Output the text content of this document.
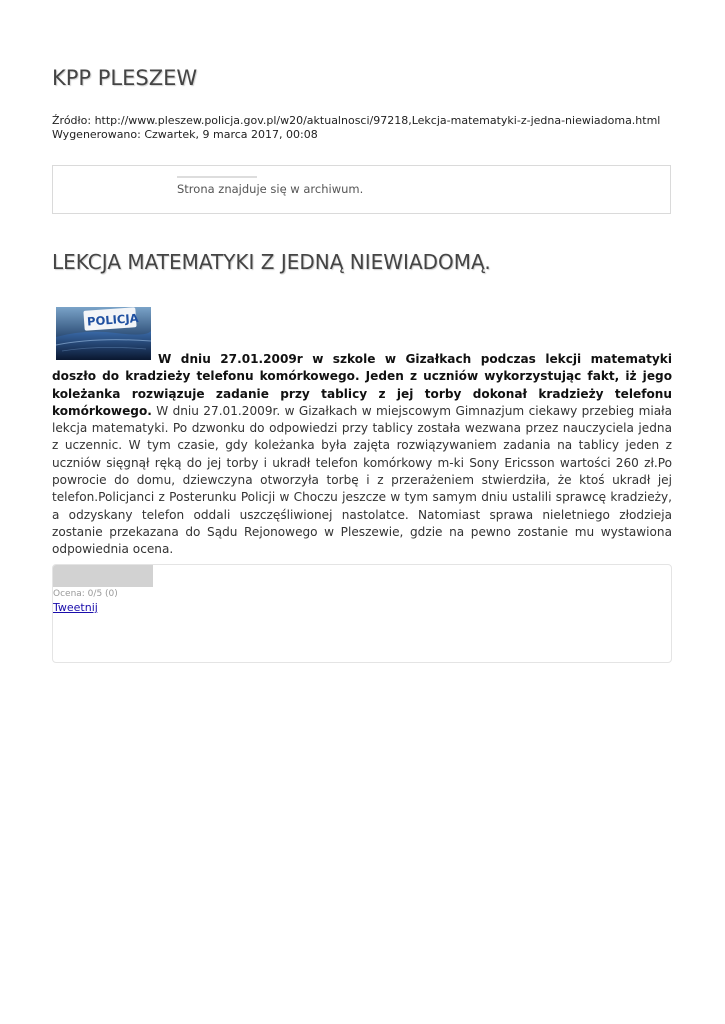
KPP PLESZEW
Źródło: http://www.pleszew.policja.gov.pl/w20/aktualnosci/97218,Lekcja-matematyki-z-jedna-niewiadoma.html
Wygenerowano: Czwartek, 9 marca 2017, 00:08
Strona znajduje się w archiwum.
LEKCJA MATEMATYKI Z JEDNĄ NIEWIADOMĄ.
POLICJA
W dniu 27.01.2009r w szkole w Gizałkach podczas lekcji matematyki doszło do kradzieży telefonu komórkowego. Jeden z uczniów wykorzystując fakt, iż jego koleżanka rozwiązuje zadanie przy tablicy z jej torby dokonał kradzieży telefonu komórkowego. W dniu 27.01.2009r. w Gizałkach w miejscowym Gimnazjum ciekawy przebieg miała lekcja matematyki. Po dzwonku do odpowiedzi przy tablicy została wezwana przez nauczyciela jedna z uczennic. W tym czasie, gdy koleżanka była zajęta rozwiązywaniem zadania na tablicy jeden z uczniów sięgnął ręką do jej torby i ukradł telefon komórkowy m-ki Sony Ericsson wartości 260 zł.Po powrocie do domu, dziewczyna otworzyła torbę i z przerażeniem stwierdziła, że ktoś ukradł jej telefon.Policjanci z Posterunku Policji w Choczu jeszcze w tym samym dniu ustalili sprawcę kradzieży, a odzyskany telefon oddali uszczęśliwionej nastolatce. Natomiast sprawa nieletniego złodzieja zostanie przekazana do Sądu Rejonowego w Pleszewie, gdzie na pewno zostanie mu wystawiona odpowiednia ocena.
Ocena: 0/5 (0)
Tweetnij
